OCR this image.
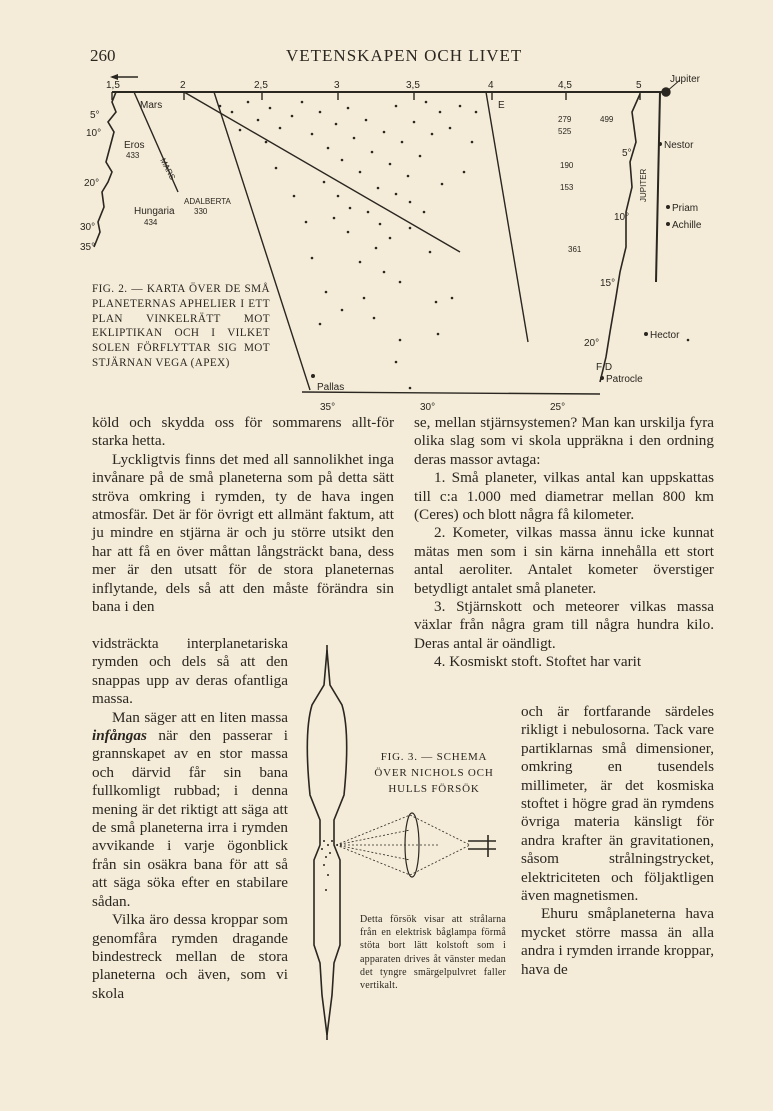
260	VETENSKAPEN OCH LIVET
1,5	2	2,5	3	3,5	4	4,5	5
Jupiter
5°
10°
20°
30°
35°
Mars
Eros
Hungaria
E
Nestor
Priam
Achille
Hector
Patrocle
F D
Pallas
5°
10°
15°
20°
35°	30°	25°
433
434
ADALBERTA
330
MARS
279
525
499
190
153
361
JUPITER
FIG. 2. — KARTA ÖVER DE SMÅ PLANETERNAS APHELIER I ETT PLAN VINKELRÄTT MOT EKLIPTIKAN OCH I VILKET SOLEN FÖRFLYTTAR SIG MOT STJÄRNAN VEGA (APEX)

köld och skydda oss för sommarens allt-för starka hetta.

Lyckligtvis finns det med all sannolikhet inga invånare på de små planeterna som på detta sätt ströva omkring i rymden, ty de hava ingen atmosfär. Det är för övrigt ett allmänt faktum, att ju mindre en stjärna är och ju större utsikt den har att få en över måttan långsträckt bana, dess mer är den utsatt för de stora planeternas inflytande, dels så att den måste förändra sin bana i den

vidsträckta interplanetariska rymden och dels så att den snappas upp av deras ofantliga massa.

Man säger att en liten massa infångas när den passerar i grannskapet av en stor massa och därvid får sin bana fullkomligt rubbad; i denna mening är det riktigt att säga att de små planeterna irra i rymden avvikande i varje ögonblick från sin osäkra bana för att så att säga söka efter en stabilare sådan.

Vilka äro dessa kroppar som genomfåra rymden dragande bindestreck mellan de stora planeterna och även, som vi skola

FIG. 3. — SCHEMA ÖVER NICHOLS OCH HULLS FÖRSÖK
Detta försök visar att strålarna från en elektrisk båglampa förmå stöta bort lätt kolstoft som i apparaten drives åt vänster medan det tyngre smärgelpulvret faller vertikalt.

se, mellan stjärnsystemen? Man kan urskilja fyra olika slag som vi skola uppräkna i den ordning deras massor avtaga:

1. Små planeter, vilkas antal kan uppskattas till c:a 1.000 med diametrar mellan 800 km (Ceres) och blott några få kilometer.

2. Kometer, vilkas massa ännu icke kunnat mätas men som i sin kärna innehålla ett stort antal aeroliter. Antalet kometer överstiger betydligt antalet små planeter.

3. Stjärnskott och meteorer vilkas massa växlar från några gram till några hundra kilo. Deras antal är oändligt.

4. Kosmiskt stoft. Stoftet har varit

och är fortfarande särdeles rikligt i nebulosorna. Tack vare partiklarnas små dimensioner, omkring en tusendels millimeter, är det kosmiska stoftet i högre grad än rymdens övriga materia känsligt för andra krafter än gravitationen, såsom strålningstrycket, elektriciteten och följaktligen även magnetismen.

Ehuru småplaneterna hava mycket större massa än alla andra i rymden irrande kroppar, hava de
